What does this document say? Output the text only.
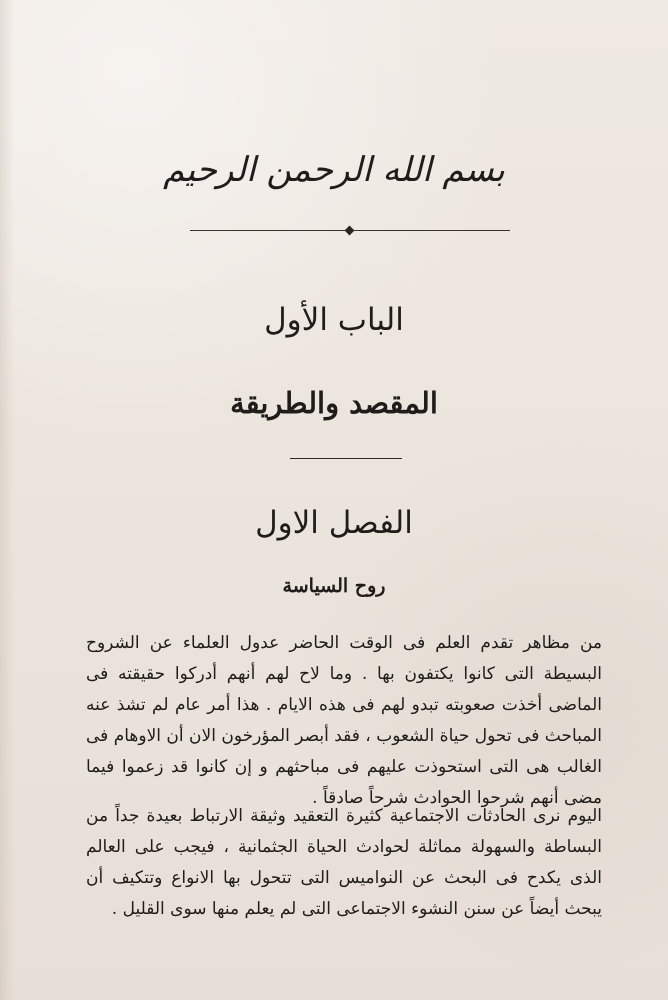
بسم الله الرحمن الرحيم
الباب الأول
المقصد والطريقة
الفصل الاول
روح السياسة
من مظاهر تقدم العلم فى الوقت الحاضر عدول العلماء عن الشروح البسيطة التى كانوا يكتفون بها . وما لاح لهم أنهم أدركوا حقيقته فى الماضى أخذت صعوبته تبدو لهم فى هذه الايام . هذا أمر عام لم تشذ عنه المباحث فى تحول حياة الشعوب ، فقد أبصر المؤرخون الان أن الاوهام فى الغالب هى التى استحوذت عليهم فى مباحثهم و إن كانوا قد زعموا فيما مضى أنهم شرحوا الحوادث شرحاً صادقاً .
اليوم نرى الحادثات الاجتماعية كثيرة التعقيد وثيقة الارتباط بعيدة جداً من البساطة والسهولة مماثلة لحوادث الحياة الجثمانية ، فيجب على العالم الذى يكدح فى البحث عن النواميس التى تتحول بها الانواع وتتكيف أن يبحث أيضاً عن سنن النشوء الاجتماعى التى لم يعلم منها سوى القليل .
